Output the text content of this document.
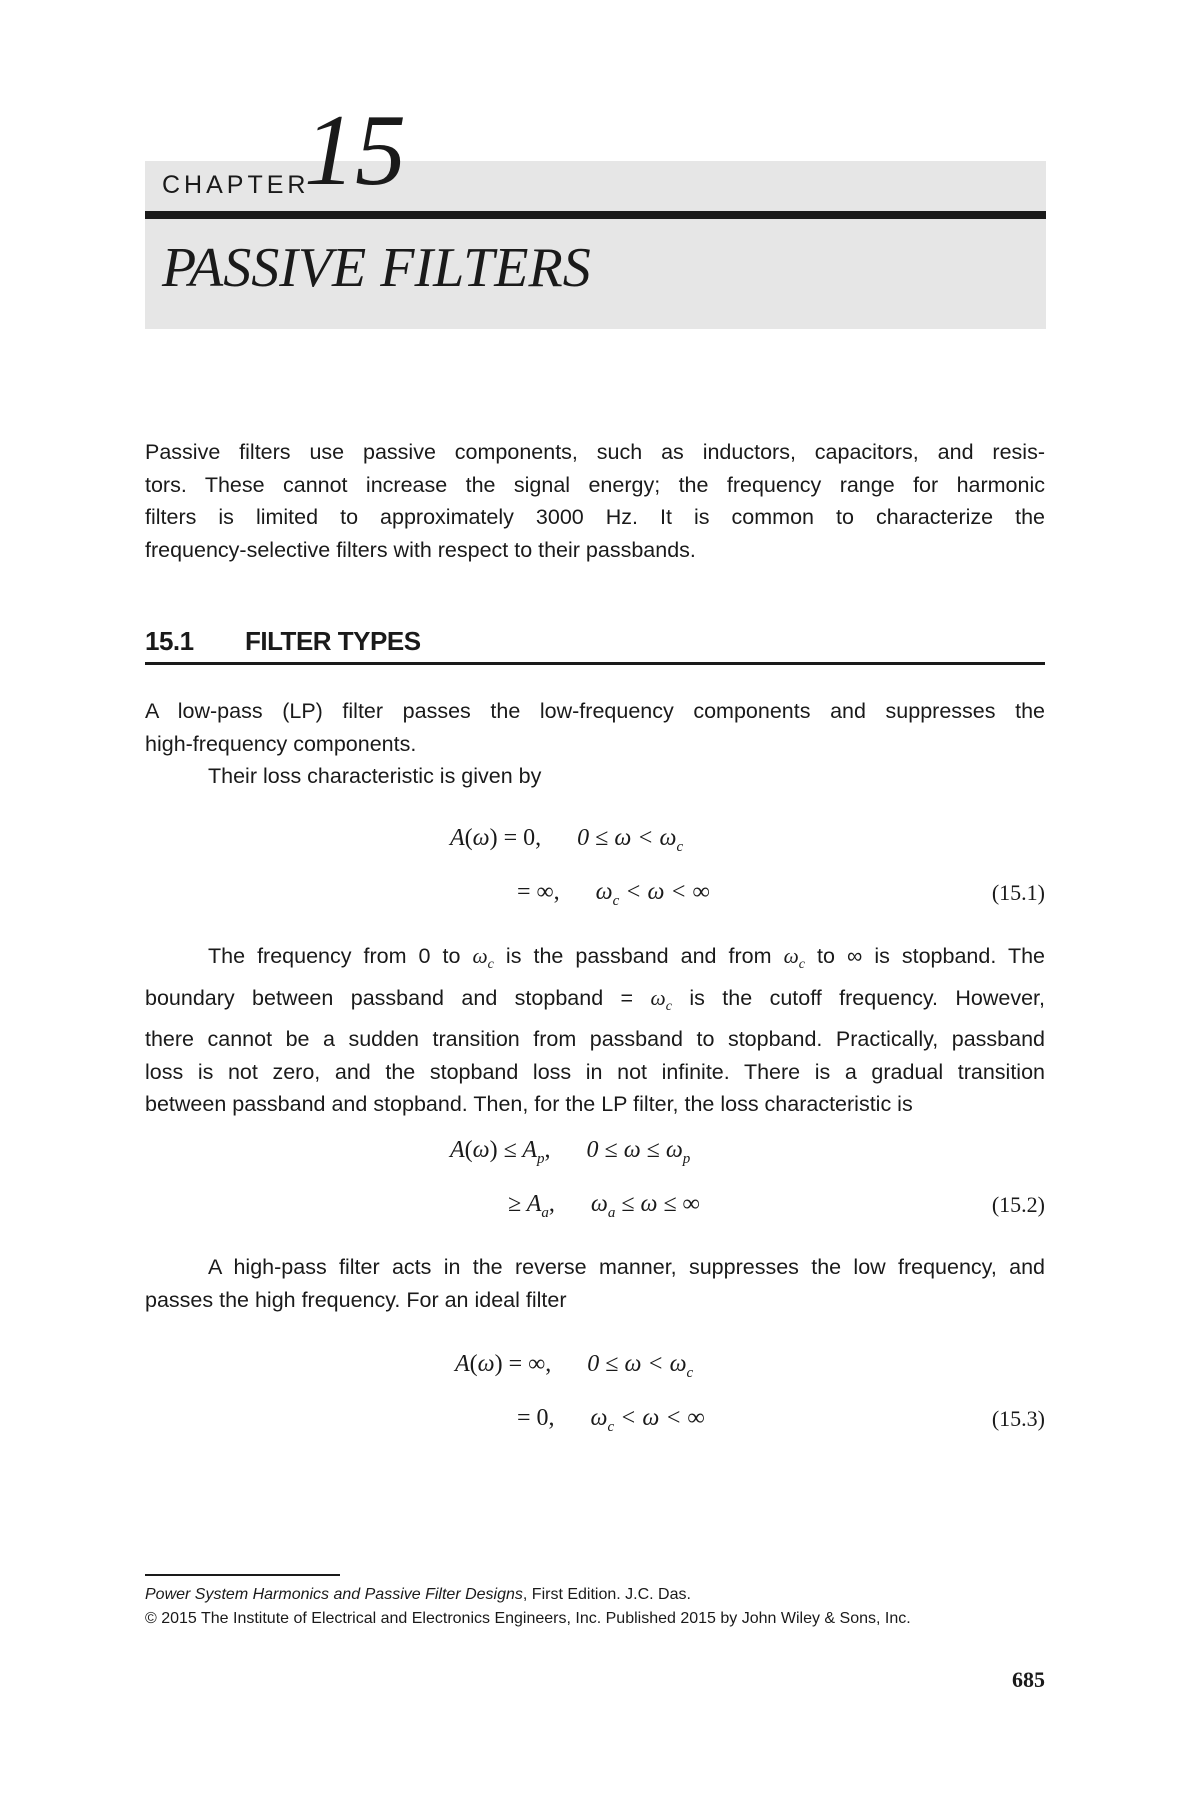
CHAPTER
15
PASSIVE FILTERS
Passive filters use passive components, such as inductors, capacitors, and resis-
tors. These cannot increase the signal energy; the frequency range for harmonic
filters is limited to approximately 3000 Hz. It is common to characterize the
frequency-selective filters with respect to their passbands.
15.1 FILTER TYPES
A low-pass (LP) filter passes the low-frequency components and suppresses the
high-frequency components.
Their loss characteristic is given by
A(ω) = 0, $0 \le \omega < \omega_c$
= ∞, $\omega_c < \omega$ < ∞	(15.1)
The frequency from 0 to $\omega_c$ is the passband and from $\omega_c$ to ∞ is stopband. The
boundary between passband and stopband = $\omega_c$ is the cutoff frequency. However,
there cannot be a sudden transition from passband to stopband. Practically, passband
loss is not zero, and the stopband loss in not infinite. There is a gradual transition
between passband and stopband. Then, for the LP filter, the loss characteristic is
$A(\omega) \le A_p$,  $0 \le \omega \le \omega_p$
≥ $A_a$,  $\omega_a \le \omega$ ≤ ∞	(15.2)
A high-pass filter acts in the reverse manner, suppresses the low frequency, and
passes the high frequency. For an ideal filter
A(ω) = ∞, $0 \le \omega < \omega_c$
= 0, $\omega_c < \omega$ < ∞	(15.3)
Power System Harmonics and Passive Filter Designs, First Edition. J.C. Das.
© 2015 The Institute of Electrical and Electronics Engineers, Inc. Published 2015 by John Wiley & Sons, Inc.
685
